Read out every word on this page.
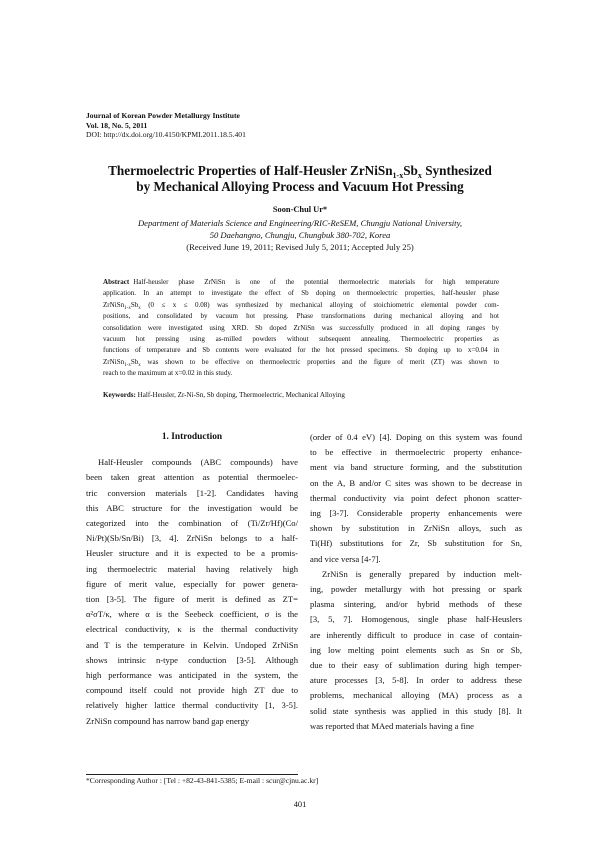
Journal of Korean Powder Metallurgy Institute
Vol. 18, No. 5, 2011
DOI: http://dx.doi.org/10.4150/KPMI.2011.18.5.401
Thermoelectric Properties of Half-Heusler $ZrNiSn_{1-x}Sb_x$ Synthesized
by Mechanical Alloying Process and Vacuum Hot Pressing
Soon-Chul Ur*
Department of Materials Science and Engineering/RIC-ReSEM, Chungju National University,
50 Daehangno, Chungju, Chungbuk 380-702, Korea
(Received June 19, 2011; Revised July 5, 2011; Accepted July 25)
Abstract Half-heusler phase ZrNiSn is one of the potential thermoelectric materials for high temperature
application. In an attempt to investigate the effect of Sb doping on thermoelectric properties, half-heusler phase
$ZrNiSn_{1-x}Sb_x$ (0 ≤ x ≤ 0.08) was synthesized by mechanical alloying of stoichiometric elemental powder com-
positions, and consolidated by vacuum hot pressing. Phase transformations during mechanical alloying and hot
consolidation were investigated using XRD. Sb doped ZrNiSn was successfully produced in all doping ranges by
vacuum hot pressing using as-milled powders without subsequent annealing. Thermoelectric properties as
functions of temperature and Sb contents were evaluated for the hot pressed specimens. Sb doping up to x=0.04 in
$ZrNiSn_{1-x}Sb_x$ was shown to be effective on thermoelectric properties and the figure of merit (ZT) was shown to
reach to the maximum at x=0.02 in this study.
Keywords: Half-Heusler, Zr-Ni-Sn, Sb doping, Thermoelectric, Mechanical Alloying
1. Introduction
Half-Heusler compounds (ABC compounds) have
been taken great attention as potential thermoelec-
tric conversion materials [1-2]. Candidates having
this ABC structure for the investigation would be
categorized into the combination of (Ti/Zr/Hf)(Co/
Ni/Pt)(Sb/Sn/Bi) [3, 4]. ZrNiSn belongs to a half-
Heusler structure and it is expected to be a promis-
ing thermoelectric material having relatively high
figure of merit value, especially for power genera-
tion [3-5]. The figure of merit is defined as ZT=
α²σT/κ, where α is the Seebeck coefficient, σ is the
electrical conductivity, κ is the thermal conductivity
and T is the temperature in Kelvin. Undoped ZrNiSn
shows intrinsic n-type conduction [3-5]. Although
high performance was anticipated in the system, the
compound itself could not provide high ZT due to
relatively higher lattice thermal conductivity [1, 3-5].
ZrNiSn compound has narrow band gap energy
(order of 0.4 eV) [4]. Doping on this system was found
to be effective in thermoelectric property enhance-
ment via band structure forming, and the substitution
on the A, B and/or C sites was shown to be decrease in
thermal conductivity via point defect phonon scatter-
ing [3-7]. Considerable property enhancements were
shown by substitution in ZrNiSn alloys, such as
Ti(Hf) substitutions for Zr, Sb substitution for Sn,
and vice versa [4-7].
ZrNiSn is generally prepared by induction melt-
ing, powder metallurgy with hot pressing or spark
plasma sintering, and/or hybrid methods of these
[3, 5, 7]. Homogenous, single phase half-Heuslers
are inherently difficult to produce in case of contain-
ing low melting point elements such as Sn or Sb,
due to their easy of sublimation during high temper-
ature processes [3, 5-8]. In order to address these
problems, mechanical alloying (MA) process as a
solid state synthesis was applied in this study [8]. It
was reported that MAed materials having a fine
*Corresponding Author : [Tel : +82-43-841-5385; E-mail : scur@cjnu.ac.kr]
401
